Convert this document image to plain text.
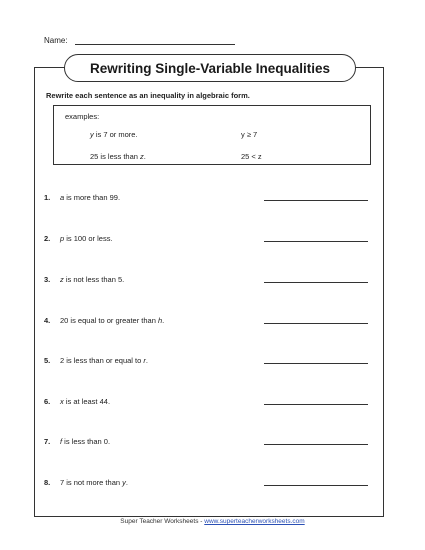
Name:
Rewriting Single-Variable Inequalities
Rewrite each sentence as an inequality in algebraic form.
examples:
y is 7 or more.	y ≥ 7
25 is less than z.	25 < z
1. a is more than 99.
2. p is 100 or less.
3. z is not less than 5.
4. 20 is equal to or greater than h.
5. 2 is less than or equal to r.
6. x is at least 44.
7. f is less than 0.
8. 7 is not more than y.
Super Teacher Worksheets - www.superteacherworksheets.com
